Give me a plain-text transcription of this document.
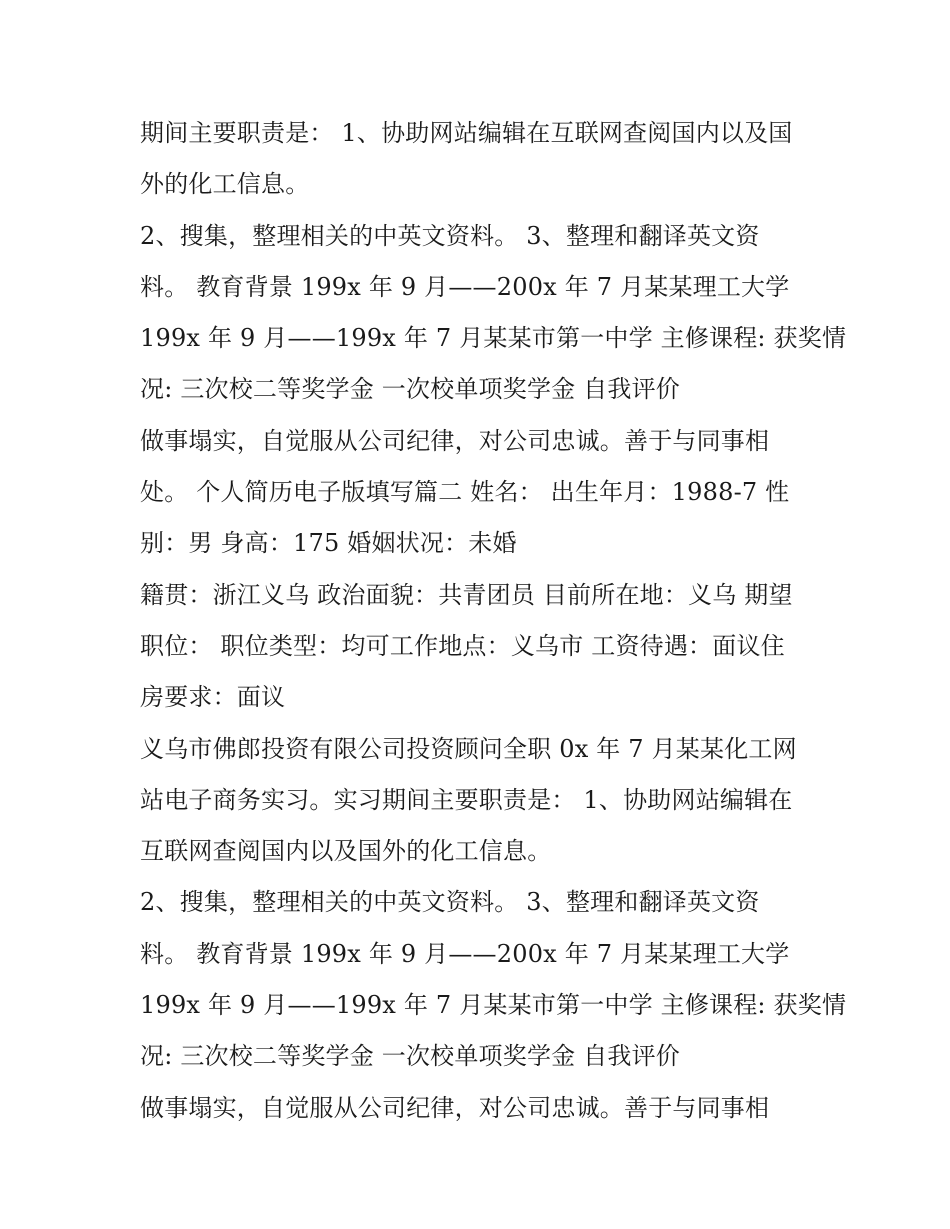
期间主要职责是： 1、协助网站编辑在互联网查阅国内以及国
外的化工信息。
2、搜集，整理相关的中英文资料。 3、整理和翻译英文资
料。 教育背景 199x 年 9 月——200x 年 7 月某某理工大学
199x 年 9 月——199x 年 7 月某某市第一中学 主修课程: 获奖情
况: 三次校二等奖学金 一次校单项奖学金 自我评价
做事塌实，自觉服从公司纪律，对公司忠诚。善于与同事相
处。 个人简历电子版填写篇二 姓名： 出生年月：1988-7 性
别：男 身高：175 婚姻状况：未婚
籍贯：浙江义乌 政治面貌：共青团员 目前所在地：义乌 期望
职位： 职位类型：均可工作地点：义乌市 工资待遇：面议住
房要求：面议
义乌市佛郎投资有限公司投资顾问全职 0x 年 7 月某某化工网
站电子商务实习。实习期间主要职责是： 1、协助网站编辑在
互联网查阅国内以及国外的化工信息。
2、搜集，整理相关的中英文资料。 3、整理和翻译英文资
料。 教育背景 199x 年 9 月——200x 年 7 月某某理工大学
199x 年 9 月——199x 年 7 月某某市第一中学 主修课程: 获奖情
况: 三次校二等奖学金 一次校单项奖学金 自我评价
做事塌实，自觉服从公司纪律，对公司忠诚。善于与同事相
